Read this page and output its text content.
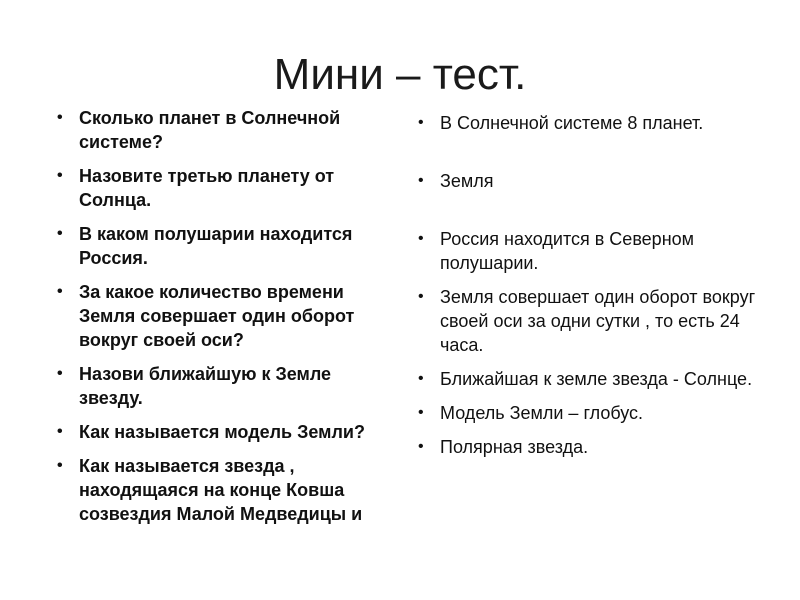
Мини – тест.
• Сколько планет в Солнечной системе?
• Назовите третью планету от Солнца.
• В каком полушарии находится Россия.
• За какое количество времени Земля совершает один оборот вокруг своей оси?
• Назови ближайшую к Земле звезду.
• Как называется модель Земли?
• Как называется звезда , находящаяся на конце Ковша созвездия Малой Медведицы и
• В Солнечной системе 8 планет.
• Земля
• Россия находится в Северном полушарии.
• Земля совершает один оборот вокруг своей оси за одни сутки , то есть 24 часа.
• Ближайшая к земле звезда - Солнце.
• Модель Земли – глобус.
• Полярная звезда.
